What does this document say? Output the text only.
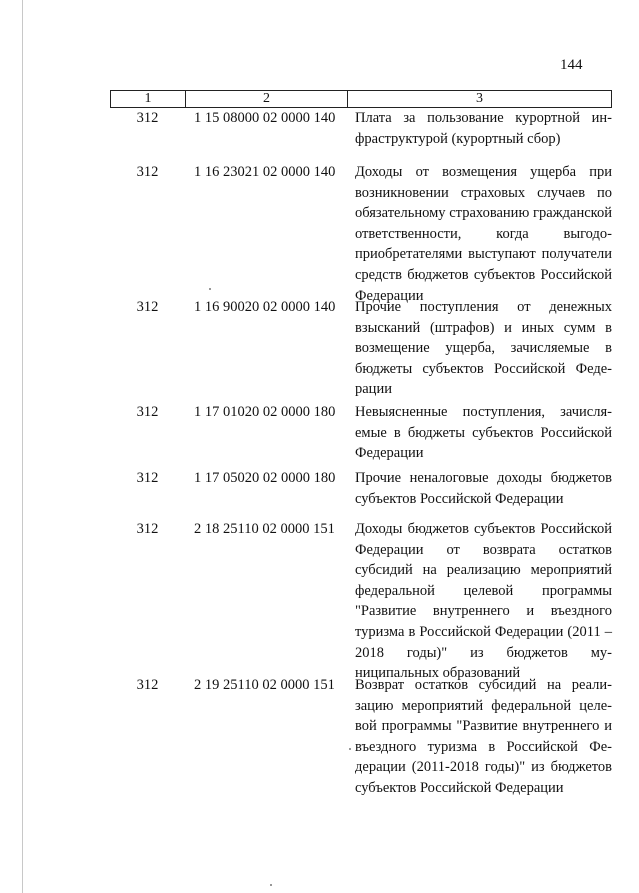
144
1	2	3
312	1 15 08000 02 0000 140	Плата за пользование курортной инфраструктурой (курортный сбор)
312	1 16 23021 02 0000 140	Доходы от возмещения ущерба при возникновении страховых случаев по обязательному страхованию гражданской ответственности, когда выгодоприобретателями выступают получатели средств бюджетов субъектов Российской Федерации
312	1 16 90020 02 0000 140	Прочие поступления от денежных взысканий (штрафов) и иных сумм в возмещение ущерба, зачисляемые в бюджеты субъектов Российской Федерации
312	1 17 01020 02 0000 180	Невыясненные поступления, зачисляемые в бюджеты субъектов Российской Федерации
312	1 17 05020 02 0000 180	Прочие неналоговые доходы бюджетов субъектов Российской Федерации
312	2 18 25110 02 0000 151	Доходы бюджетов субъектов Российской Федерации от возврата остатков субсидий на реализацию мероприятий федеральной целевой программы "Развитие внутреннего и въездного туризма в Российской Федерации (2011 – 2018 годы)" из бюджетов муниципальных образований
312	2 19 25110 02 0000 151	Возврат остатков субсидий на реализацию мероприятий федеральной целевой программы "Развитие внутреннего и въездного туризма в Российской Федерации (2011-2018 годы)" из бюджетов субъектов Российской Федерации
